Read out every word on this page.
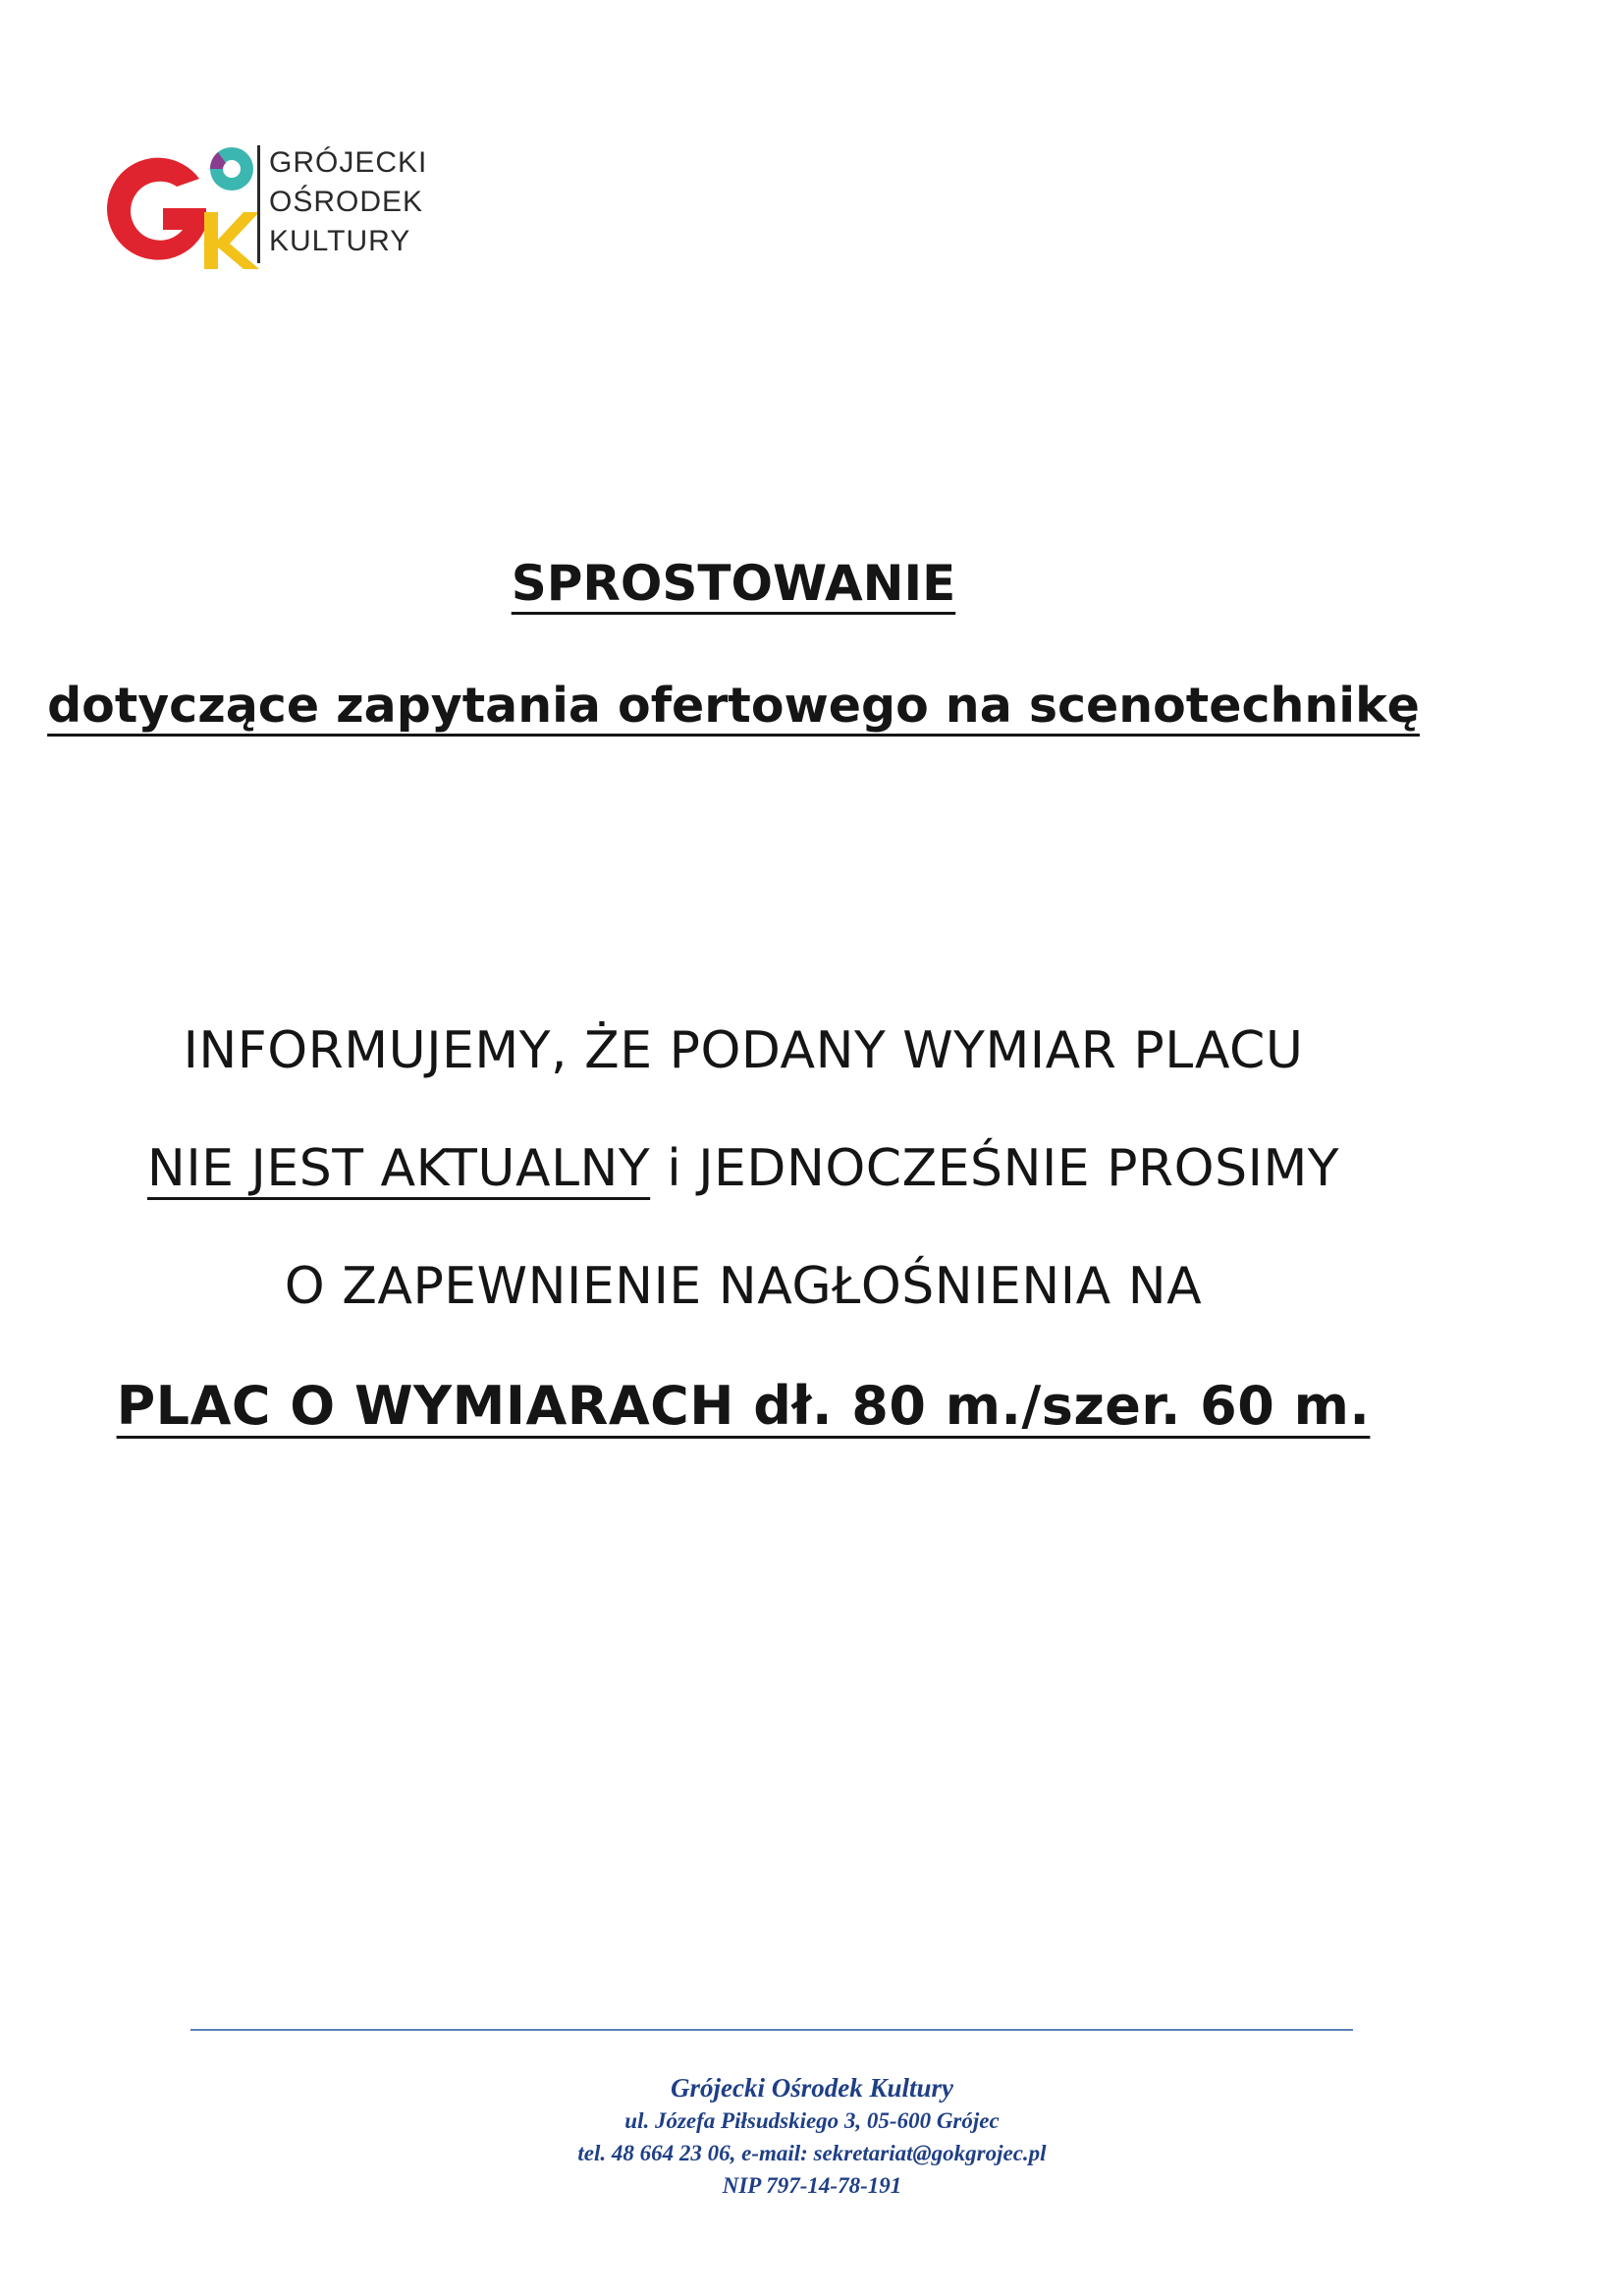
GRÓJECKI
OŚRODEK
KULTURY
SPROSTOWANIE
dotyczące zapytania ofertowego na scenotechnikę
INFORMUJEMY, ŻE PODANY WYMIAR PLACU
NIE JEST AKTUALNY i JEDNOCZEŚNIE PROSIMY
O ZAPEWNIENIE NAGŁOŚNIENIA NA
PLAC O WYMIARACH dł. 80 m./szer. 60 m.
Grójecki Ośrodek Kultury
ul. Józefa Piłsudskiego 3, 05-600 Grójec
tel. 48 664 23 06, e-mail: sekretariat@gokgrojec.pl
NIP 797-14-78-191
